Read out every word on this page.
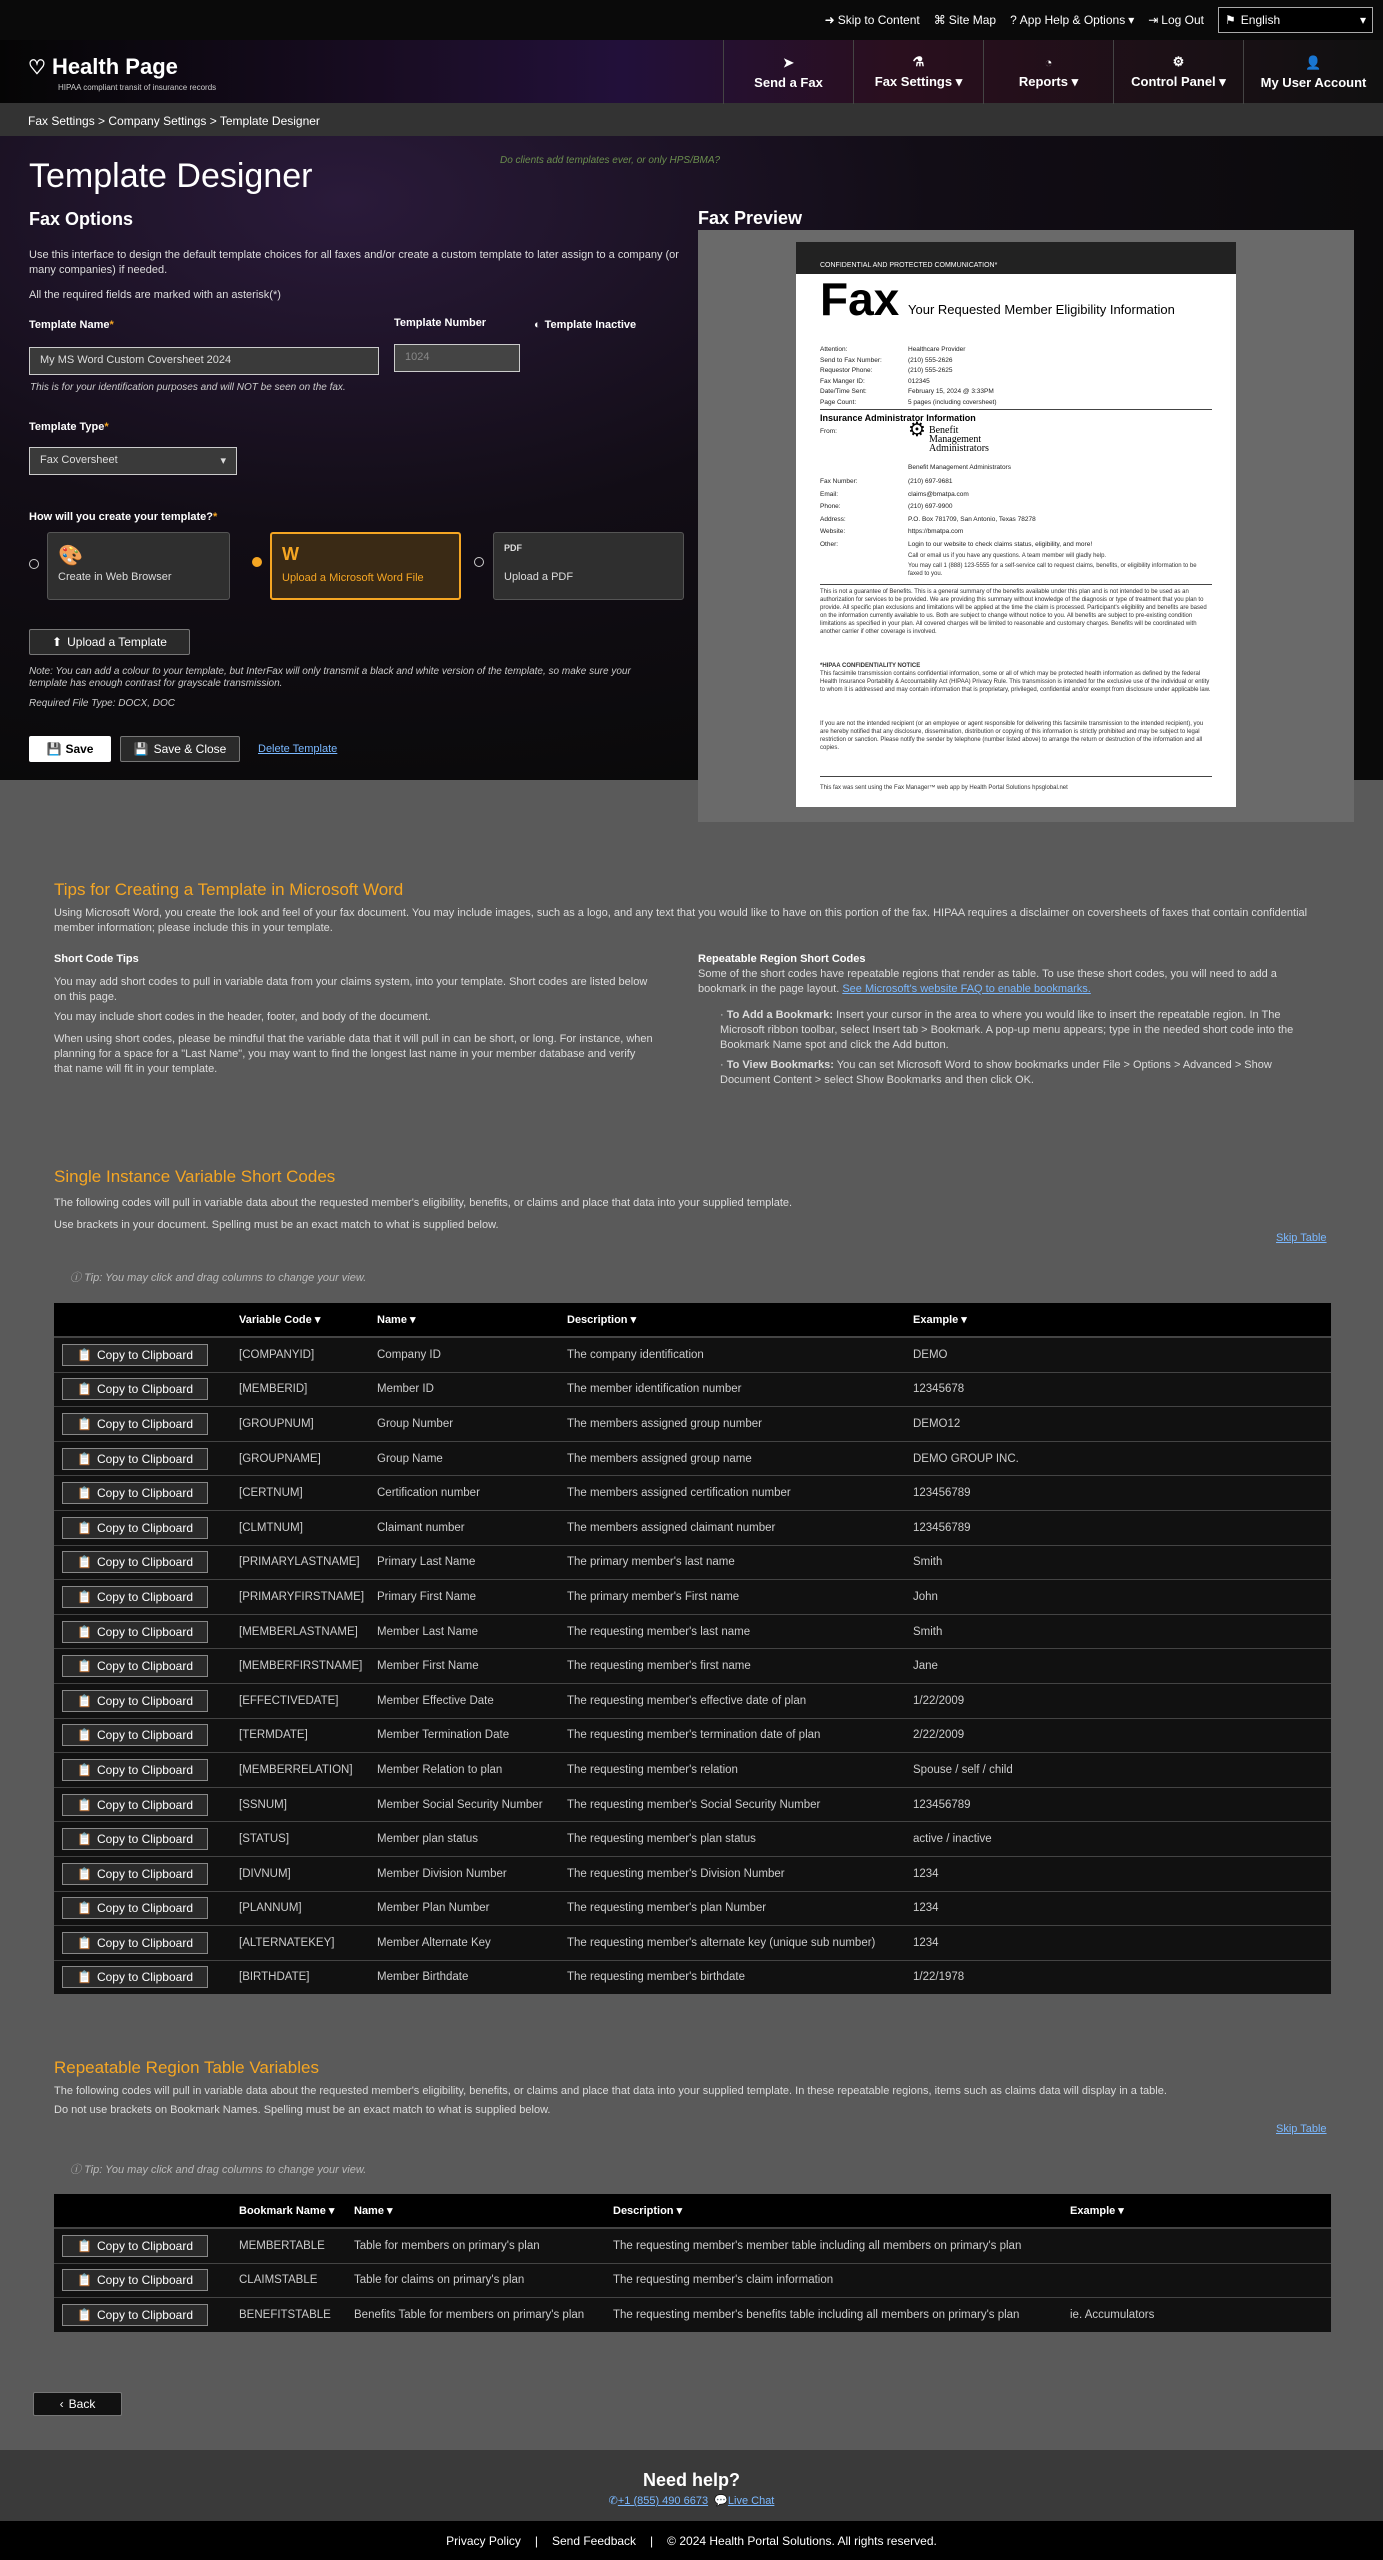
➜ Skip to Content ⌘ Site Map ? App Help & Options ▾ ⇥ Log Out ⚑ English	▾
♡ Health Page
HIPAA compliant transit of insurance records
➤
Send a Fax
⚗
Fax Settings ▾
◔
Reports ▾
⚙
Control Panel ▾
👤
My User Account
Fax Settings > Company Settings > Template Designer
Template Designer	Do clients add templates ever, or only HPS/BMA?
Fax Options
Use this interface to design the default template choices for all faxes and/or create a custom template to later assign to a company (or many companies) if needed.
All the required fields are marked with an asterisk(*)
Template Name*
My MS Word Custom Coversheet 2024
This is for your identification purposes and will NOT be seen on the fax.
Template Number
1024
◐ Template Inactive
Template Type*
Fax Coversheet	▾
How will you create your template?*
🎨
Create in Web Browser
W
Upload a Microsoft Word File
PDF
Upload a PDF
⬆ Upload a Template
Note: You can add a colour to your template, but InterFax will only transmit a black and white version of the template, so make sure your template has enough contrast for grayscale transmission.
Required File Type: DOCX, DOC
💾 Save	💾 Save & Close	Delete Template
Fax Preview
CONFIDENTIAL AND PROTECTED COMMUNICATION*
Fax Your Requested Member Eligibility Information
Attention:	Healthcare Provider
Send to Fax Number:	(210) 555-2626
Requestor Phone:	(210) 555-2625
Fax Manger ID:	012345
Date/Time Sent:	February 15, 2024 @ 3:33PM
Page Count:	5 pages (including coversheet)
Insurance Administrator Information
From:	⚙ Benefit Management Administrators
Benefit Management Administrators
Fax Number:	(210) 697-9681
Email:	claims@bmatpa.com
Phone:	(210) 697-9900
Address:	P.O. Box 781709, San Antonio, Texas 78278
Website:	https://bmatpa.com
Other:	Login to our website to check claims status, eligibility, and more!
Call or email us if you have any questions. A team member will gladly help.
You may call 1 (888) 123-5555 for a self-service call to request claims, benefits, or eligibility information to be faxed to you.
This is not a guarantee of Benefits. This is a general summary of the benefits available under this plan and is not intended to be used as an authorization for services to be provided. We are providing this summary without knowledge of the diagnosis or type of treatment that you plan to provide. All specific plan exclusions and limitations will be applied at the time the claim is processed. Participant's eligibility and benefits are based on the information currently available to us. Both are subject to change without notice to you. All benefits are subject to pre-existing condition limitations as specified in your plan. All covered charges will be limited to reasonable and customary charges. Benefits will be coordinated with another carrier if other coverage is involved.
*HIPAA CONFIDENTIALITY NOTICE
This facsimile transmission contains confidential information, some or all of which may be protected health information as defined by the federal Health Insurance Portability & Accountability Act (HIPAA) Privacy Rule. This transmission is intended for the exclusive use of the individual or entity to whom it is addressed and may contain information that is proprietary, privileged, confidential and/or exempt from disclosure under applicable law.
If you are not the intended recipient (or an employee or agent responsible for delivering this facsimile transmission to the intended recipient), you are hereby notified that any disclosure, dissemination, distribution or copying of this information is strictly prohibited and may be subject to legal restriction or sanction. Please notify the sender by telephone (number listed above) to arrange the return or destruction of the information and all copies.
This fax was sent using the Fax Manager™ web app by Health Portal Solutions hpsglobal.net
Tips for Creating a Template in Microsoft Word
Using Microsoft Word, you create the look and feel of your fax document. You may include images, such as a logo, and any text that you would like to have on this portion of the fax. HIPAA requires a disclaimer on coversheets of faxes that contain confidential member information; please include this in your template.
Short Code Tips
You may add short codes to pull in variable data from your claims system, into your template. Short codes are listed below on this page.
You may include short codes in the header, footer, and body of the document.
When using short codes, please be mindful that the variable data that it will pull in can be short, or long. For instance, when planning for a space for a "Last Name", you may want to find the longest last name in your member database and verify that name will fit in your template.
Repeatable Region Short Codes
Some of the short codes have repeatable regions that render as table. To use these short codes, you will need to add a bookmark in the page layout. See Microsoft's website FAQ to enable bookmarks.
· To Add a Bookmark: Insert your cursor in the area to where you would like to insert the repeatable region. In The Microsoft ribbon toolbar, select Insert tab > Bookmark. A pop-up menu appears; type in the needed short code into the Bookmark Name spot and click the Add button.
· To View Bookmarks: You can set Microsoft Word to show bookmarks under File > Options > Advanced > Show Document Content > select Show Bookmarks and then click OK.
Single Instance Variable Short Codes
The following codes will pull in variable data about the requested member's eligibility, benefits, or claims and place that data into your supplied template.
Use brackets in your document. Spelling must be an exact match to what is supplied below.
Skip Table
ⓘ Tip: You may click and drag columns to change your view.
Variable Code ▾	Name ▾	Description ▾	Example ▾
📋 Copy to Clipboard	[COMPANYID]	Company ID	The company identification	DEMO
📋 Copy to Clipboard	[MEMBERID]	Member ID	The member identification number	12345678
📋 Copy to Clipboard	[GROUPNUM]	Group Number	The members assigned group number	DEMO12
📋 Copy to Clipboard	[GROUPNAME]	Group Name	The members assigned group name	DEMO GROUP INC.
📋 Copy to Clipboard	[CERTNUM]	Certification number	The members assigned certification number	123456789
📋 Copy to Clipboard	[CLMTNUM]	Claimant number	The members assigned claimant number	123456789
📋 Copy to Clipboard	[PRIMARYLASTNAME]	Primary Last Name	The primary member's last name	Smith
📋 Copy to Clipboard	[PRIMARYFIRSTNAME]	Primary First Name	The primary member's First name	John
📋 Copy to Clipboard	[MEMBERLASTNAME]	Member Last Name	The requesting member's last name	Smith
📋 Copy to Clipboard	[MEMBERFIRSTNAME]	Member First Name	The requesting member's first name	Jane
📋 Copy to Clipboard	[EFFECTIVEDATE]	Member Effective Date	The requesting member's effective date of plan	1/22/2009
📋 Copy to Clipboard	[TERMDATE]	Member Termination Date	The requesting member's termination date of plan	2/22/2009
📋 Copy to Clipboard	[MEMBERRELATION]	Member Relation to plan	The requesting member's relation	Spouse / self / child
📋 Copy to Clipboard	[SSNUM]	Member Social Security Number	The requesting member's Social Security Number	123456789
📋 Copy to Clipboard	[STATUS]	Member plan status	The requesting member's plan status	active / inactive
📋 Copy to Clipboard	[DIVNUM]	Member Division Number	The requesting member's Division Number	1234
📋 Copy to Clipboard	[PLANNUM]	Member Plan Number	The requesting member's plan Number	1234
📋 Copy to Clipboard	[ALTERNATEKEY]	Member Alternate Key	The requesting member's alternate key (unique sub number)	1234
📋 Copy to Clipboard	[BIRTHDATE]	Member Birthdate	The requesting member's birthdate	1/22/1978
Repeatable Region Table Variables
The following codes will pull in variable data about the requested member's eligibility, benefits, or claims and place that data into your supplied template. In these repeatable regions, items such as claims data will display in a table.
Do not use brackets on Bookmark Names. Spelling must be an exact match to what is supplied below.
Skip Table
ⓘ Tip: You may click and drag columns to change your view.
Bookmark Name ▾	Name ▾	Description ▾	Example ▾
📋 Copy to Clipboard	MEMBERTABLE	Table for members on primary's plan	The requesting member's member table including all members on primary's plan
📋 Copy to Clipboard	CLAIMSTABLE	Table for claims on primary's plan	The requesting member's claim information
📋 Copy to Clipboard	BENEFITSTABLE	Benefits Table for members on primary's plan	The requesting member's benefits table including all members on primary's plan	ie. Accumulators
‹ Back
Need help?
✆+1 (855) 490 6673 💬Live Chat
Privacy Policy | Send Feedback | © 2024 Health Portal Solutions. All rights reserved.
